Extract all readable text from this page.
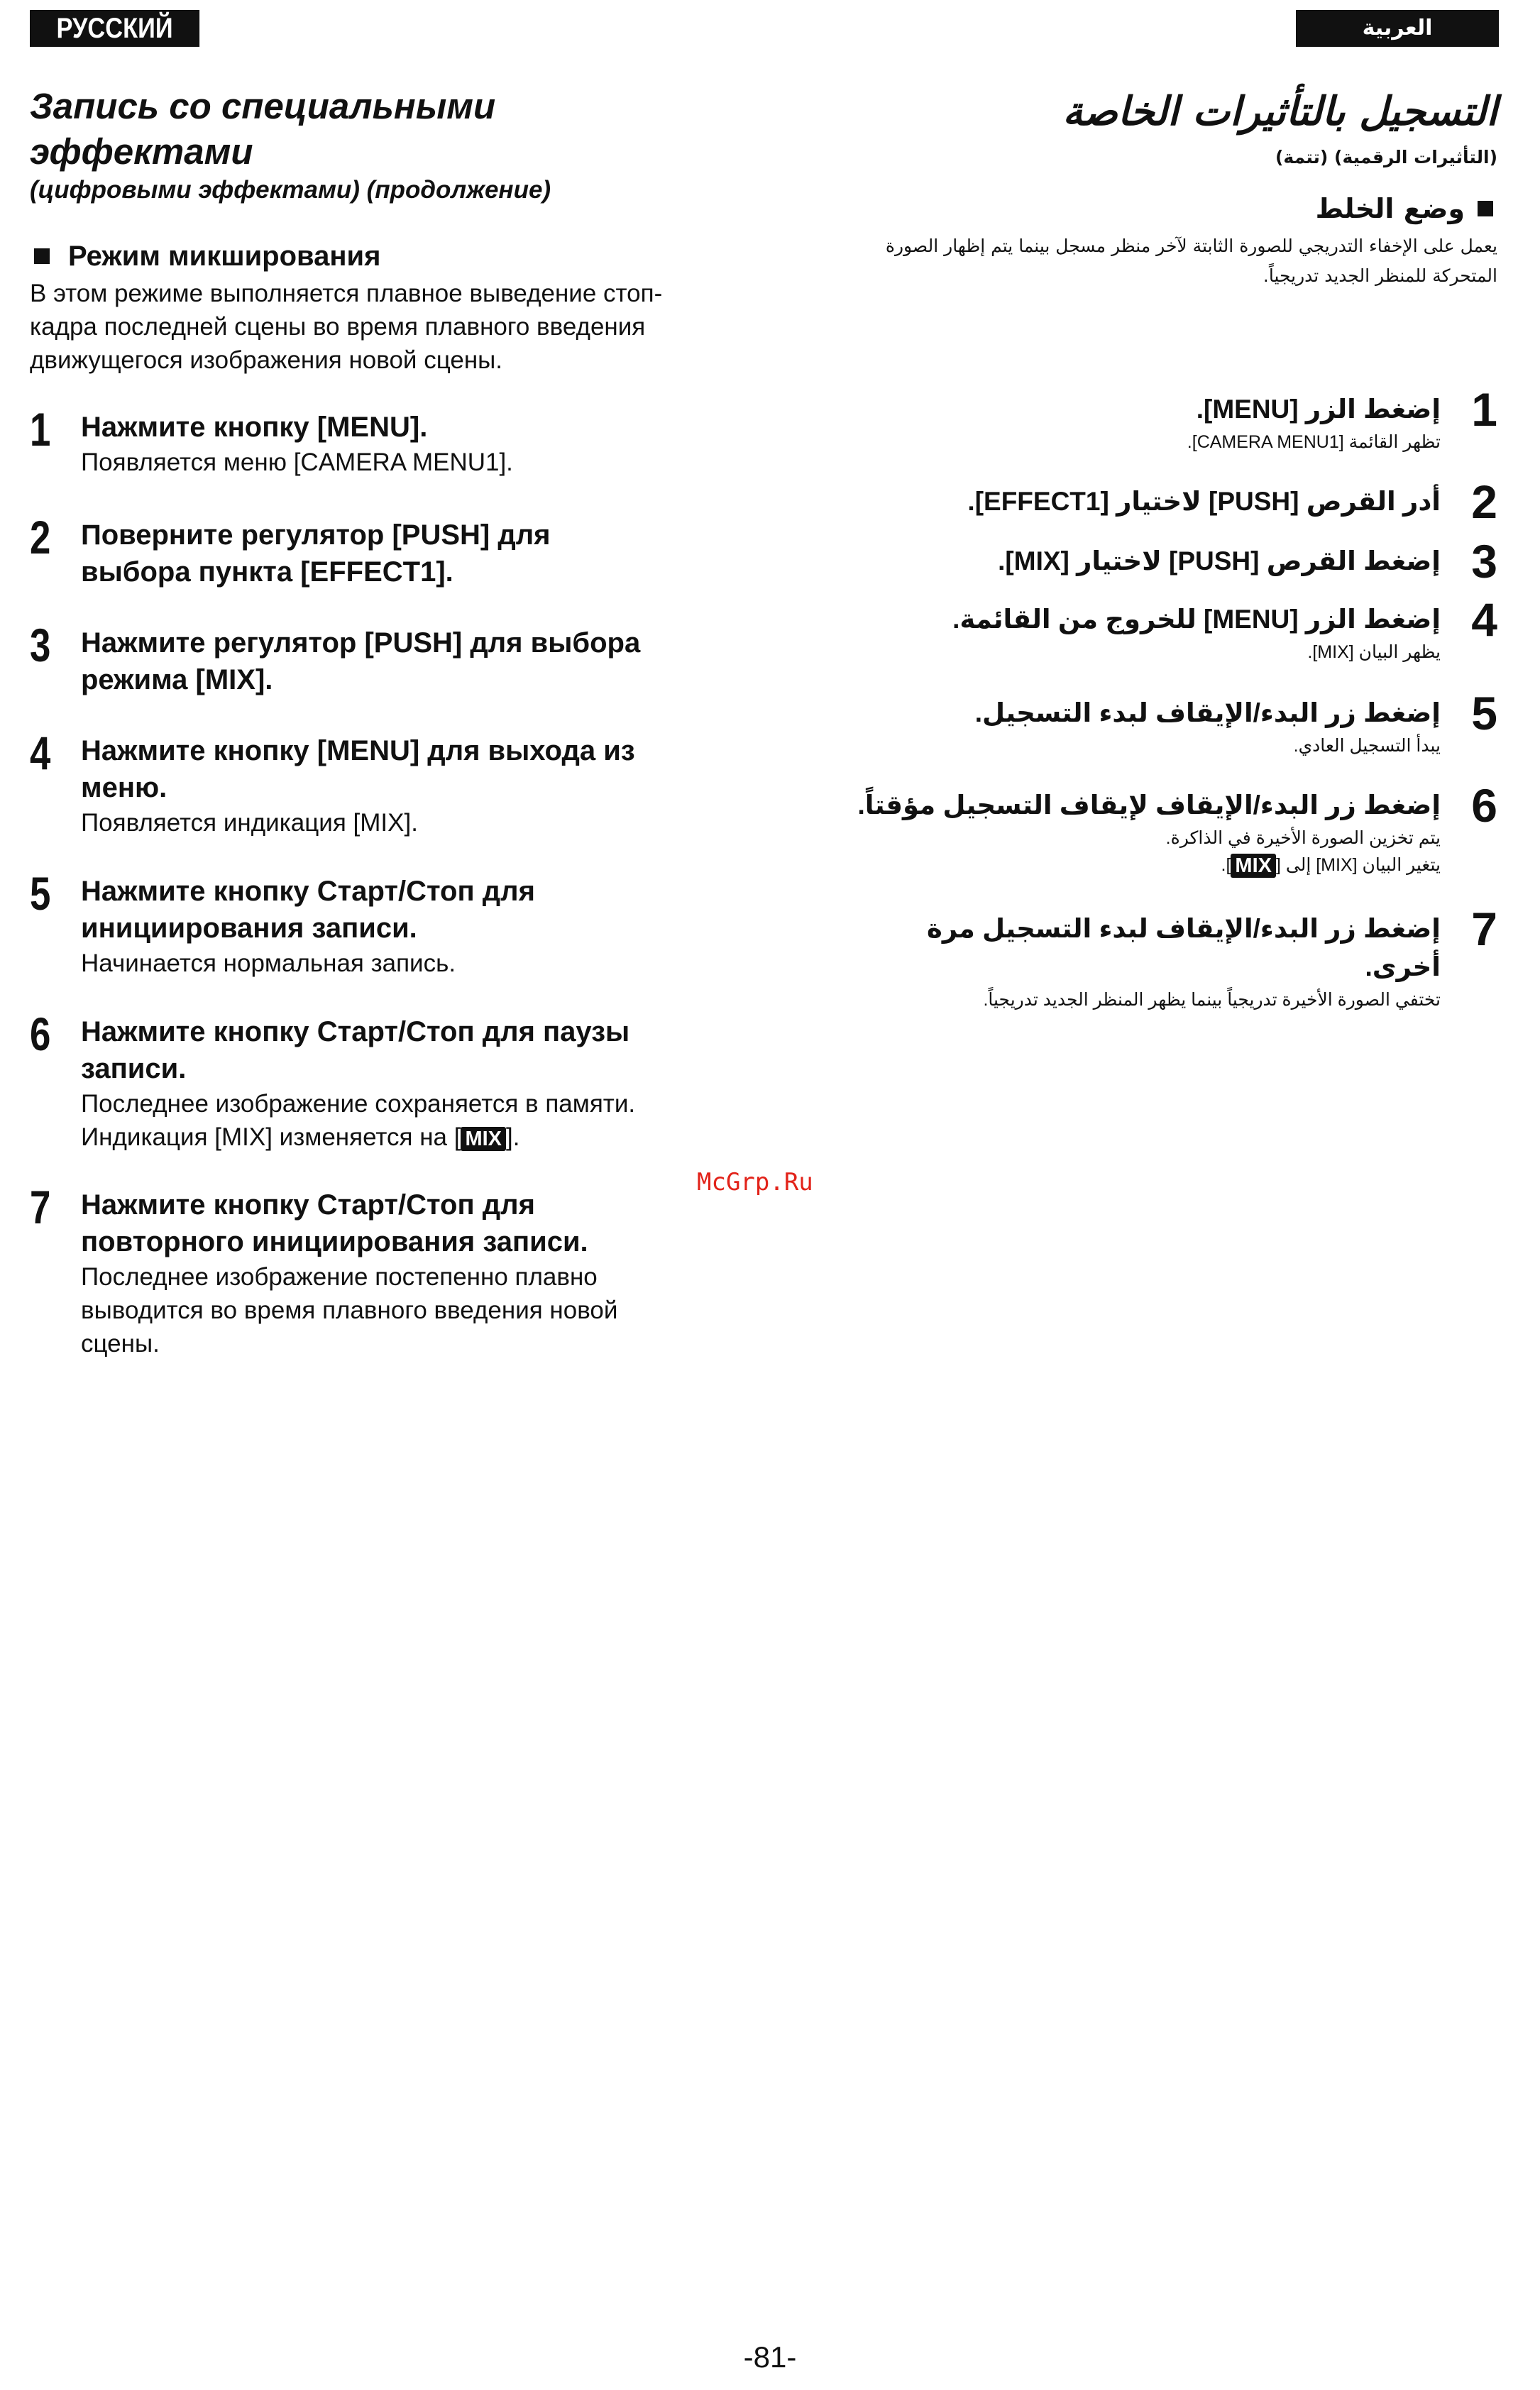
РУССКИЙ ЯЗЫК
العربية
Запись со специальными
эффектами

(цифровыми эффектами) (продолжение)

Режим микширования

В этом режиме выполняется плавное выведение стоп-кадра последней сцены во время плавного введения движущегося изображения новой сцены.

1 Нажмите кнопку [MENU].
Появляется меню [CAMERA MENU1].
2 Поверните регулятор [PUSH] для выбора пункта [EFFECT1].
3 Нажмите регулятор [PUSH] для выбора режима [MIX].
4 Нажмите кнопку [MENU] для выхода из меню.
Появляется индикация [MIX].
5 Нажмите кнопку Старт/Стоп для инициирования записи.
Начинается нормальная запись.
6 Нажмите кнопку Старт/Стоп для паузы записи.
Последнее изображение сохраняется в памяти.
Индикация [MIX] изменяется на [ MIX ].
7 Нажмите кнопку Старт/Стоп для повторного инициирования записи.
Последнее изображение постепенно плавно выводится во время плавного введения новой сцены.
التسجيل بالتأثيرات الخاصة

(التأثيرات الرقمية) (تتمة)

وضع الخلط

يعمل على الإخفاء التدريجي للصورة الثابتة لآخر منظر مسجل بينما يتم إظهار الصورة المتحركة للمنظر الجديد تدريجياً.

1
إضغط الزر [MENU].
تظهر القائمة [CAMERA MENU1].
2
أدر القرص [PUSH] لاختيار [EFFECT1].
3
إضغط القرص [PUSH] لاختيار [MIX].
4
إضغط الزر [MENU] للخروج من القائمة.
يظهر البيان [MIX].
5
إضغط زر البدء/الإيقاف لبدء التسجيل.
يبدأ التسجيل العادي.
6
إضغط زر البدء/الإيقاف لإيقاف التسجيل مؤقتاً.
يتم تخزين الصورة الأخيرة في الذاكرة.
يتغير البيان [MIX] إلى [MIX].
7
إضغط زر البدء/الإيقاف لبدء التسجيل مرة أخرى.
تختفي الصورة الأخيرة تدريجياً بينما يظهر المنظر الجديد تدريجياً.
McGrp.Ru
-81-
